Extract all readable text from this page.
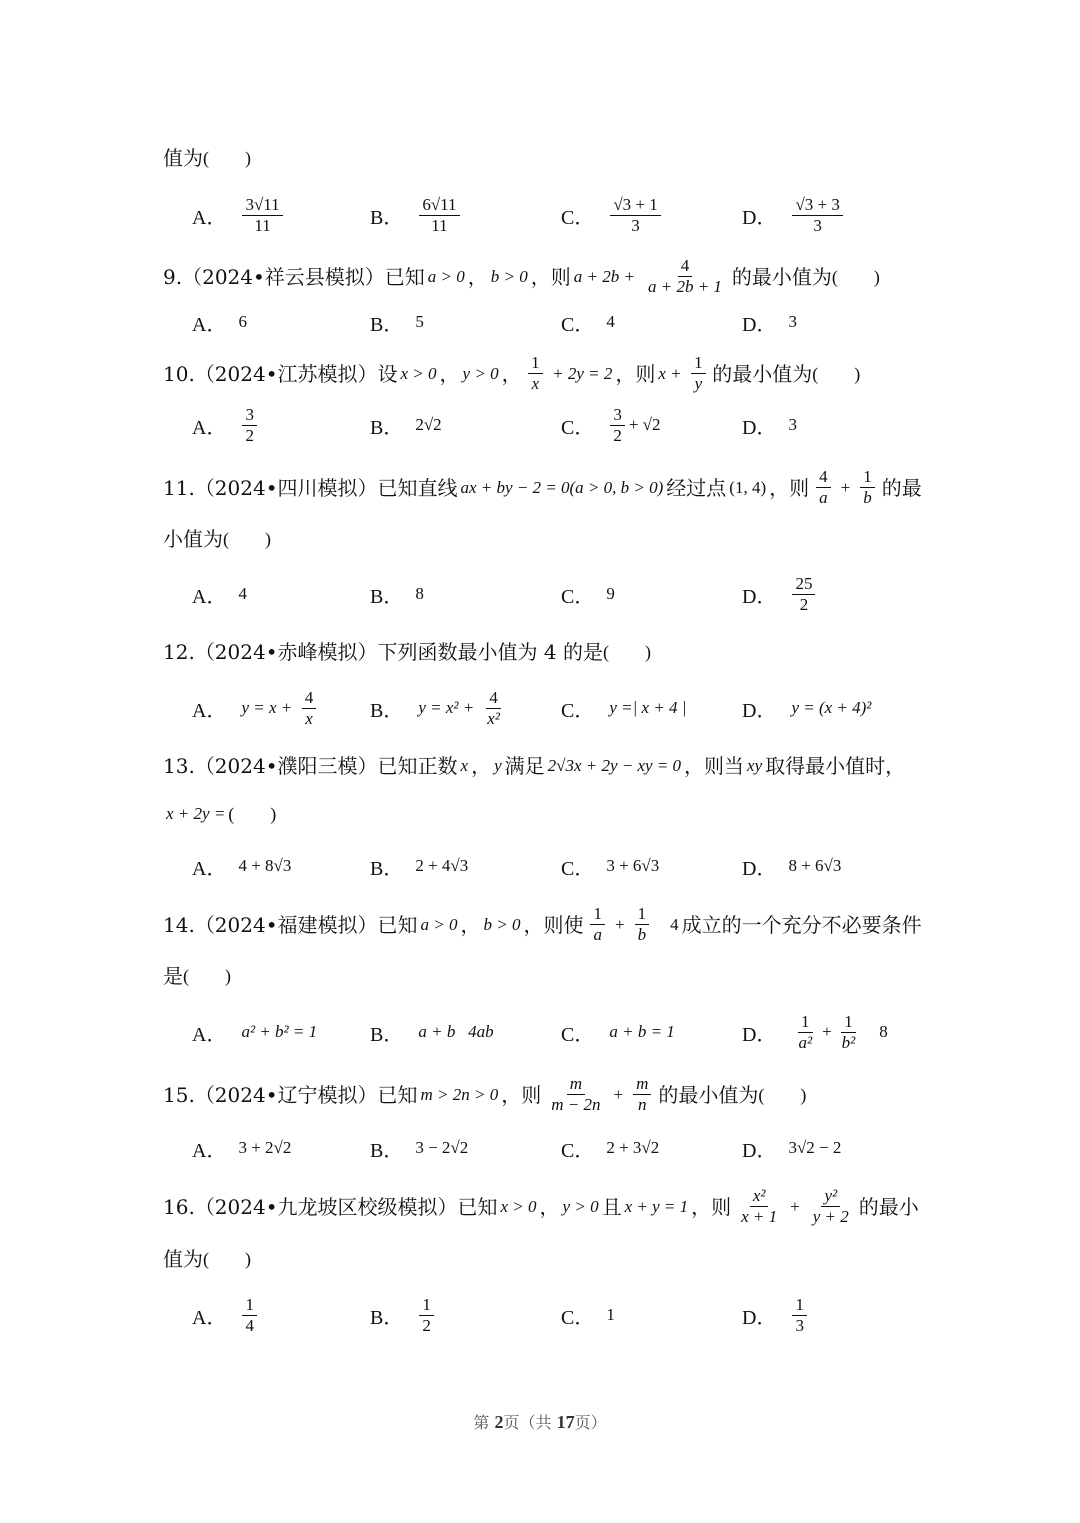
值为 (　　)
A． $\frac{3√11}{11}$	B． $\frac{6√11}{11}$	C． $\frac{√3 + 1}{3}$	D． $\frac{√3 + 3}{3}$
9. （2024•祥云县模拟） 已知 a > 0 ， b > 0 ，则 $a + 2b + \frac{4}{a + 2b + 1}$ 的最小值为 (　　)
A． 6	B． 5	C． 4	D． 3
10. （2024•江苏模拟） 设 x > 0 ， y > 0 ， $\frac{1}{x} + 2y = 2$ ，则 $x + \frac{1}{y}$ 的最小值为 (　　)
A． $\frac{3}{2}$	B． 2√2	C． $\frac{3}{2} + √2$	D． 3
11. （2024•四川模拟） 已知直线 ax + by − 2 = 0(a > 0, b > 0) 经过点 (1, 4) ，则 $\frac{4}{a} + \frac{1}{b}$ 的最
小值为 (　　)
A． 4	B． 8	C． 9	D． $\frac{25}{2}$
12. （2024•赤峰模拟） 下列函数最小值为 4 的是 (　　)
A． $y = x + \frac{4}{x}$	B． $y = x^2 + \frac{4}{\text{x²}}$	C． y =| x + 4 |	D． y = (x + 4)²
13. （2024•濮阳三模） 已知正数 x ， y 满足 2√3x + 2y − xy = 0 ，则当 xy 取得最小值时，
x + 2y = (　　)
A． 4 + 8√3	B． 2 + 4√3	C． 3 + 6√3	D． 8 + 6√3
14. （2024•福建模拟） 已知 a > 0 ， b > 0 ，则使 $\frac{1}{a} + \frac{1}{b} 4$ 成立的一个充分不必要条件
是 (　　)
A． a² + b² = 1	B． a + b   4ab	C． a + b = 1	D． $\frac{1}{\text{a²}} + \frac{1}{\text{b²}} 8$
15. （2024•辽宁模拟） 已知 m > 2n > 0 ，则 $\frac{m}{m - 2n} + \frac{m}{n}$ 的最小值为 (　　)
A． 3 + 2√2	B． 3 − 2√2	C． 2 + 3√2	D． 3√2 − 2
16. （2024•九龙坡区校级模拟） 已知 x > 0 ， y > 0 且 x + y = 1 ，则 $\frac{\text{x²}}{x + 1} + \frac{\text{y²}}{y + 2}$ 的最小
值为 (　　)
A． $\frac{1}{4}$	B． $\frac{1}{2}$	C． 1	D． $\frac{1}{3}$
第 2页（共 17页）
